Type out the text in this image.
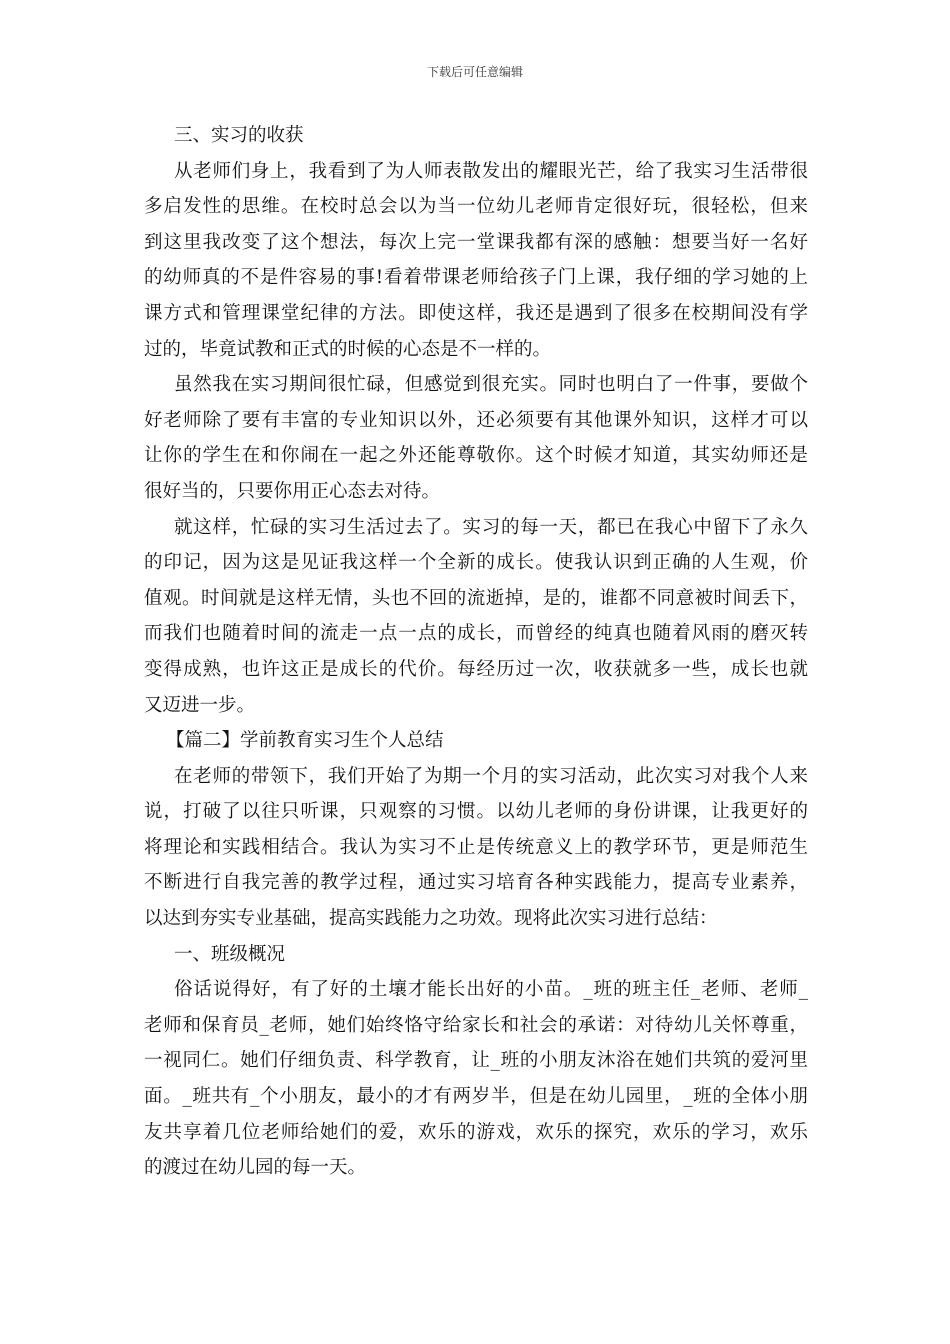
下载后可任意编辑
三、实习的收获
从老师们身上，我看到了为人师表散发出的耀眼光芒，给了我实习生活带很
多启发性的思维。在校时总会以为当一位幼儿老师肯定很好玩，很轻松，但来
到这里我改变了这个想法，每次上完一堂课我都有深的感触：想要当好一名好
的幼师真的不是件容易的事!看着带课老师给孩子门上课，我仔细的学习她的上
课方式和管理课堂纪律的方法。即使这样，我还是遇到了很多在校期间没有学
过的，毕竟试教和正式的时候的心态是不一样的。
虽然我在实习期间很忙碌，但感觉到很充实。同时也明白了一件事，要做个
好老师除了要有丰富的专业知识以外，还必须要有其他课外知识，这样才可以
让你的学生在和你闹在一起之外还能尊敬你。这个时候才知道，其实幼师还是
很好当的，只要你用正心态去对待。
就这样，忙碌的实习生活过去了。实习的每一天，都已在我心中留下了永久
的印记，因为这是见证我这样一个全新的成长。使我认识到正确的人生观，价
值观。时间就是这样无情，头也不回的流逝掉，是的，谁都不同意被时间丢下，
而我们也随着时间的流走一点一点的成长，而曾经的纯真也随着风雨的磨灭转
变得成熟，也许这正是成长的代价。每经历过一次，收获就多一些，成长也就
又迈进一步。
【篇二】学前教育实习生个人总结
在老师的带领下，我们开始了为期一个月的实习活动，此次实习对我个人来
说，打破了以往只听课，只观察的习惯。以幼儿老师的身份讲课，让我更好的
将理论和实践相结合。我认为实习不止是传统意义上的教学环节，更是师范生
不断进行自我完善的教学过程，通过实习培育各种实践能力，提高专业素养，
以达到夯实专业基础，提高实践能力之功效。现将此次实习进行总结：
一、班级概况
俗话说得好，有了好的土壤才能长出好的小苗。_班的班主任_老师、老师_
老师和保育员_老师，她们始终恪守给家长和社会的承诺：对待幼儿关怀尊重，
一视同仁。她们仔细负责、科学教育，让_班的小朋友沐浴在她们共筑的爱河里
面。_班共有_个小朋友，最小的才有两岁半，但是在幼儿园里，_班的全体小朋
友共享着几位老师给她们的爱，欢乐的游戏，欢乐的探究，欢乐的学习，欢乐
的渡过在幼儿园的每一天。
